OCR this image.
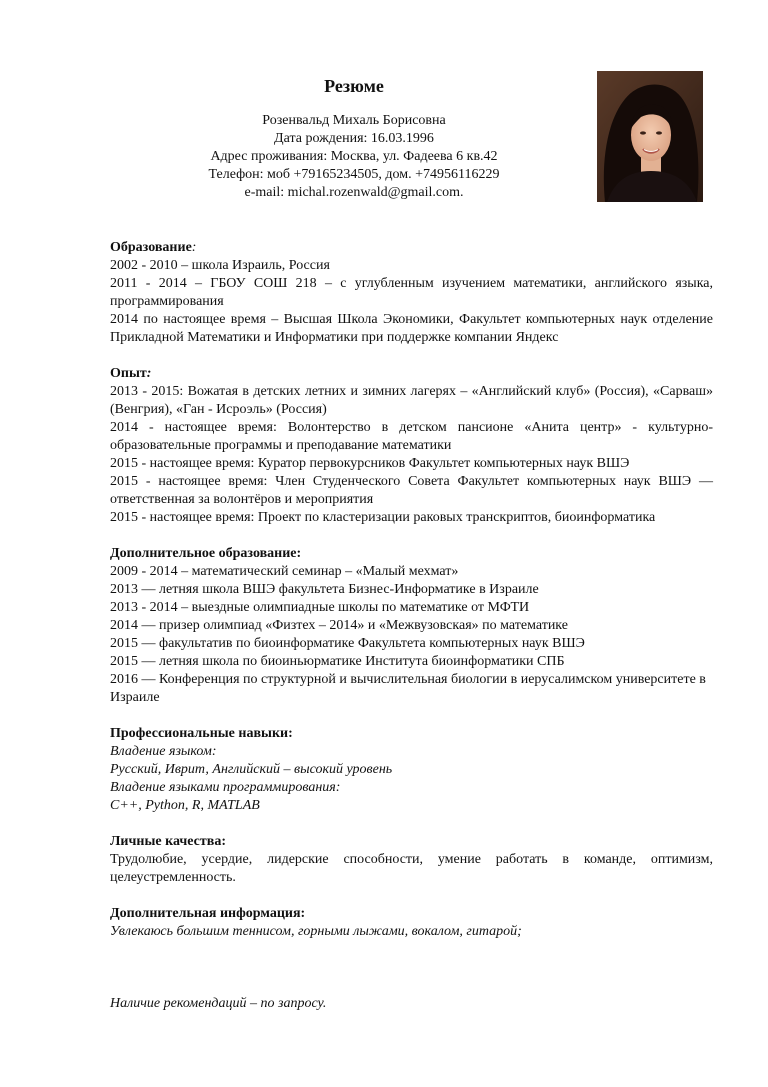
Резюме
Розенвальд Михаль Борисовна
Дата рождения: 16.03.1996
Адрес проживания: Москва, ул. Фадеева 6 кв.42
Телефон: моб +79165234505, дом. +74956116229
e-mail: michal.rozenwald@gmail.com.
Образование:
2002 - 2010 – школа Израиль, Россия
2011 - 2014 – ГБОУ СОШ 218 – с углубленным изучением математики, английского языка, программирования
2014 по настоящее время – Высшая Школа Экономики, Факультет компьютерных наук отделение Прикладной Математики и Информатики при поддержке компании Яндекс
Опыт:
2013 - 2015: Вожатая в детских летних и зимних лагерях – «Английский клуб» (Россия), «Сарваш» (Венгрия), «Ган - Исроэль» (Россия)
2014 - настоящее время: Волонтерство в детском пансионе «Анита центр» - культурно-образовательные программы и преподавание математики
2015 - настоящее время: Куратор первокурсников Факультет компьютерных наук ВШЭ
2015 - настоящее время: Член Студенческого Совета Факультет компьютерных наук ВШЭ — ответственная за волонтёров и мероприятия
2015 - настоящее время: Проект по кластеризации раковых транскриптов, биоинформатика
Дополнительное образование:
2009 - 2014 – математический семинар – «Малый мехмат»
2013 — летняя школа ВШЭ факультета Бизнес-Информатике в Израиле
2013 - 2014 – выездные олимпиадные школы по математике от МФТИ
2014 — призер олимпиад «Физтех – 2014» и «Межвузовская» по математике
2015 — факультатив по биоинформатике Факультета компьютерных наук ВШЭ
2015 — летняя школа по биоиньюрматике Института биоинформатики СПБ
2016 — Конференция по структурной и вычислительная биологии в иерусалимском университете в Израиле
Профессиональные навыки:
Владение языком:
Русский, Иврит, Английский – высокий уровень
Владение языками программирования:
C++, Python, R, MATLAB
Личные качества:
Трудолюбие, усердие, лидерские способности, умение работать в команде, оптимизм, целеустремленность.
Дополнительная информация:
Увлекаюсь большим теннисом, горными лыжами, вокалом, гитарой;
Наличие рекомендаций – по запросу.
